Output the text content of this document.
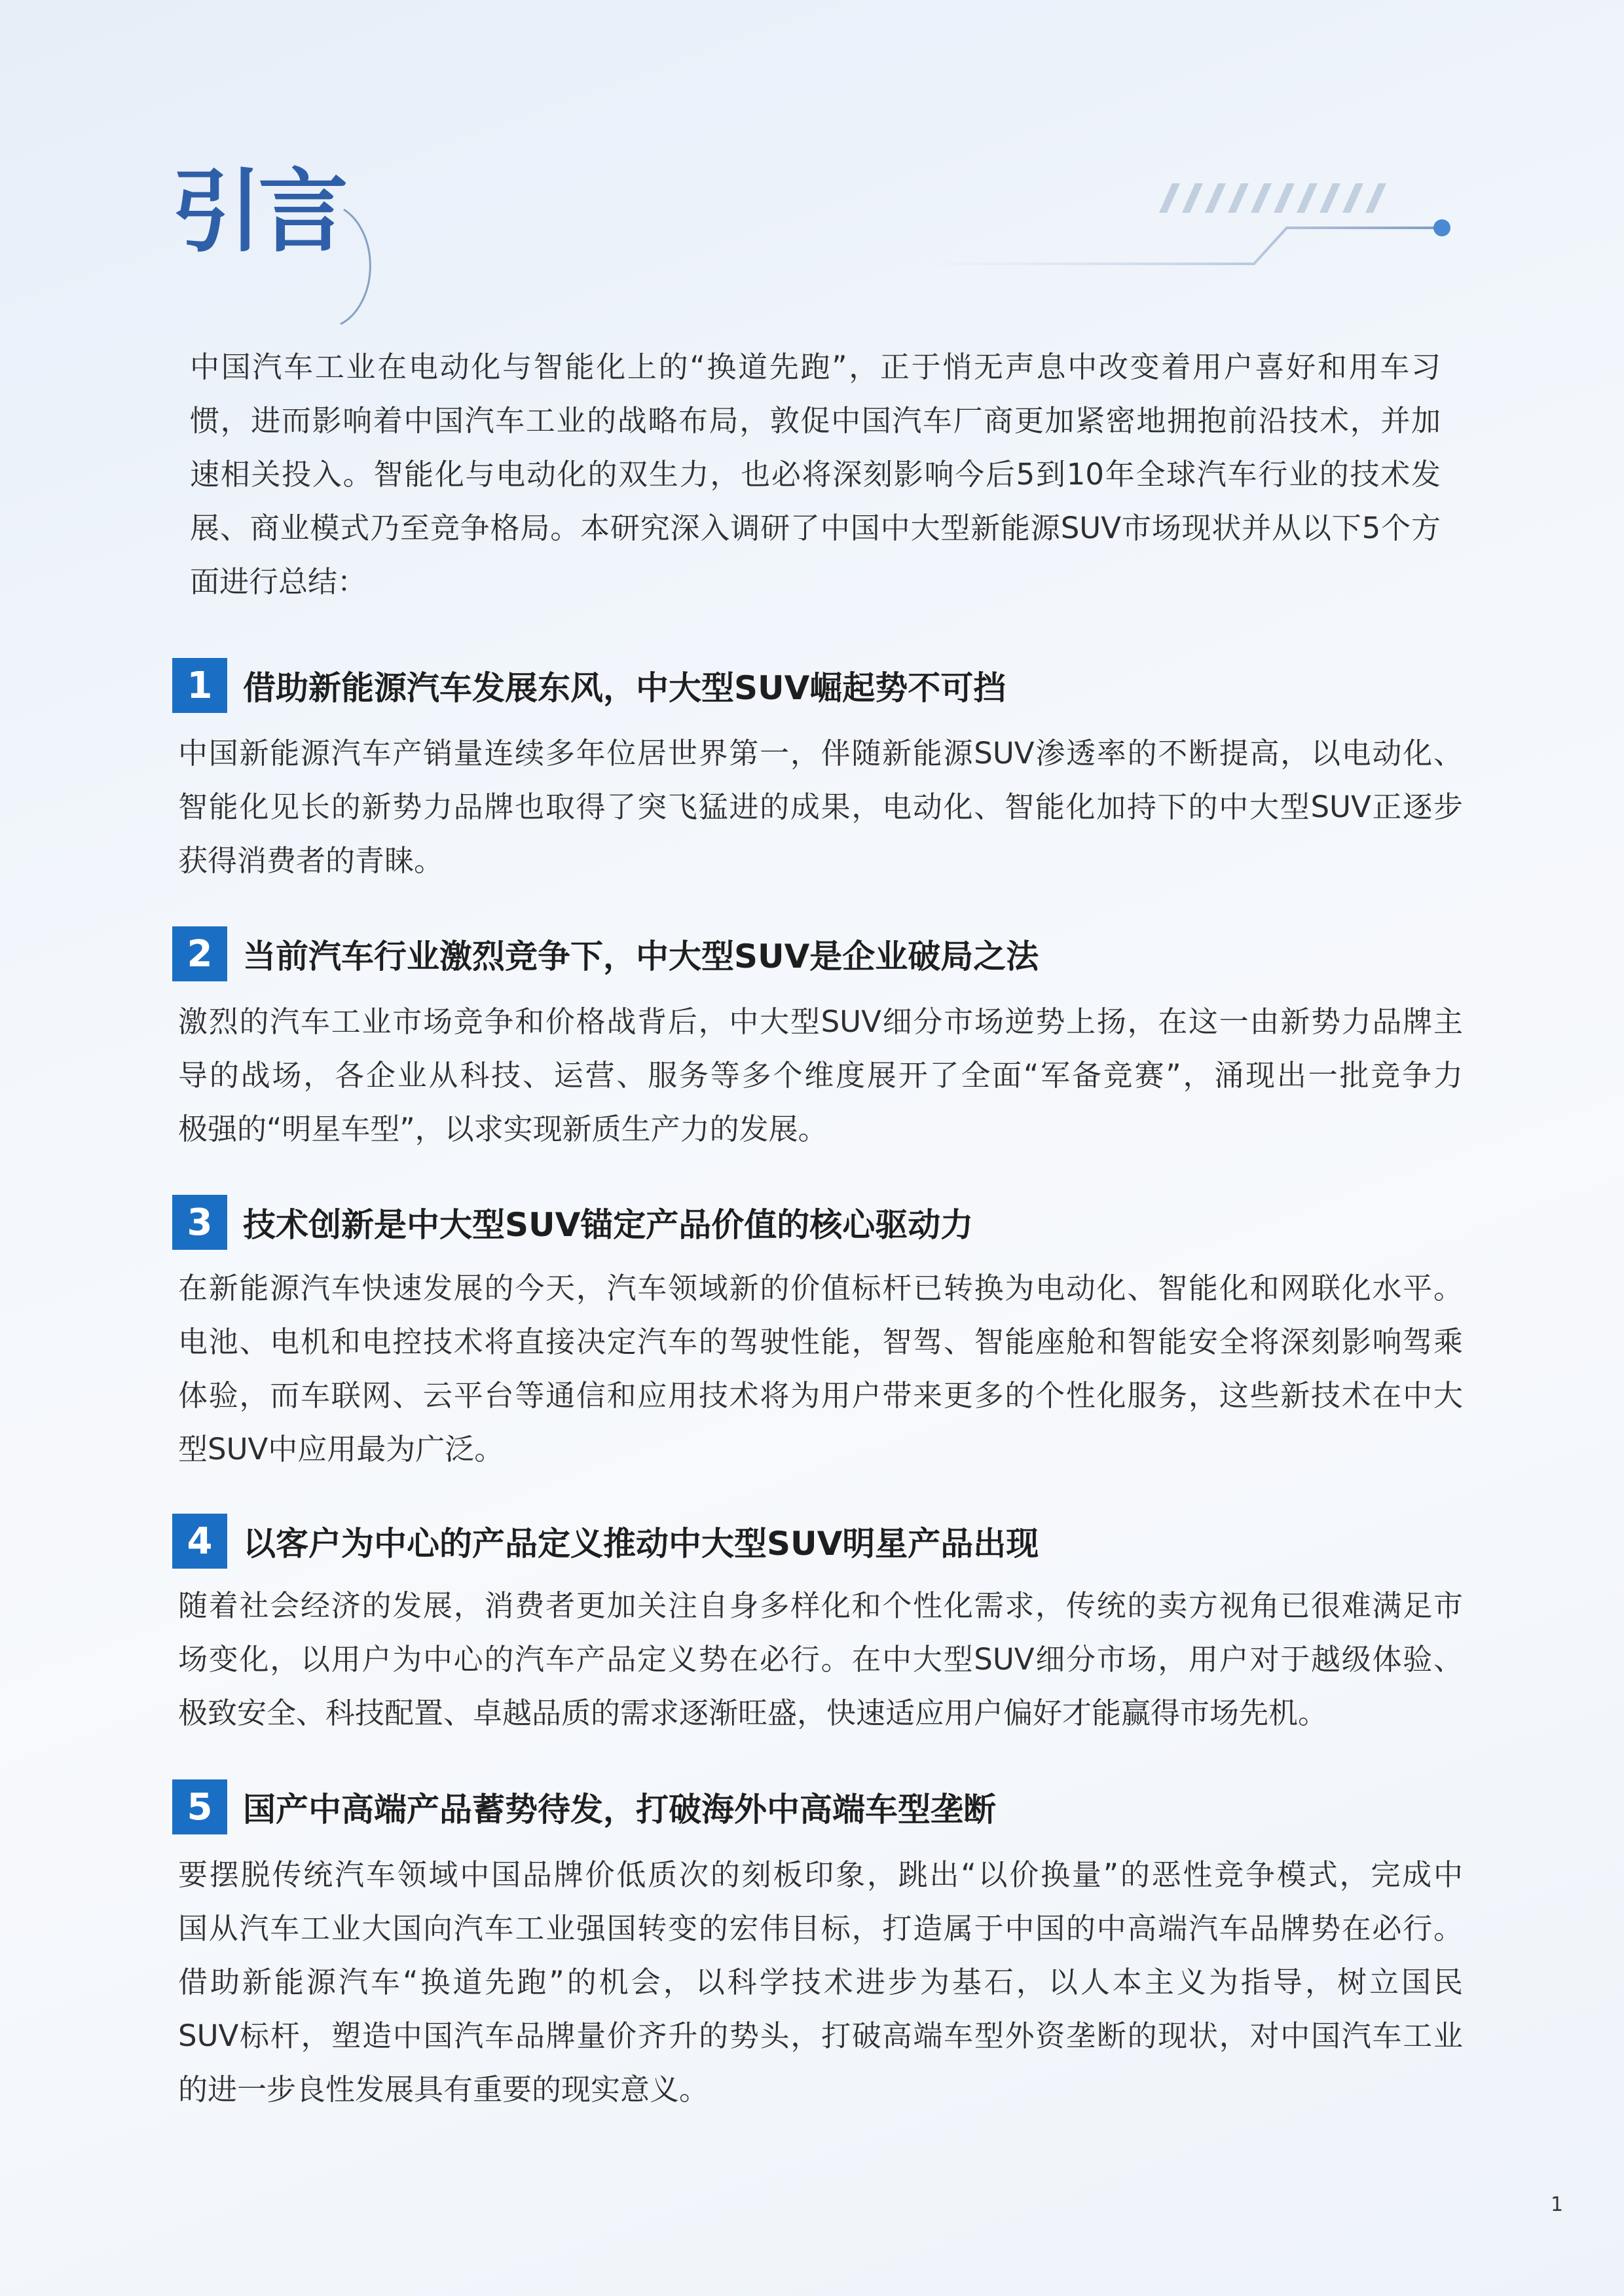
引言
中国汽车工业在电动化与智能化上的“换道先跑”，正于悄无声息中改变着用户喜好和用车习
惯，进而影响着中国汽车工业的战略布局，敦促中国汽车厂商更加紧密地拥抱前沿技术，并加
速相关投入。智能化与电动化的双生力，也必将深刻影响今后5到10年全球汽车行业的技术发
展、商业模式乃至竞争格局。本研究深入调研了中国中大型新能源SUV市场现状并从以下5个方
面进行总结：
1 借助新能源汽车发展东风，中大型SUV崛起势不可挡
中国新能源汽车产销量连续多年位居世界第一，伴随新能源SUV渗透率的不断提高，以电动化、
智能化见长的新势力品牌也取得了突飞猛进的成果，电动化、智能化加持下的中大型SUV正逐步
获得消费者的青睐。
2 当前汽车行业激烈竞争下，中大型SUV是企业破局之法
激烈的汽车工业市场竞争和价格战背后，中大型SUV细分市场逆势上扬，在这一由新势力品牌主
导的战场，各企业从科技、运营、服务等多个维度展开了全面“军备竞赛”，涌现出一批竞争力
极强的“明星车型”，以求实现新质生产力的发展。
3 技术创新是中大型SUV锚定产品价值的核心驱动力
在新能源汽车快速发展的今天，汽车领域新的价值标杆已转换为电动化、智能化和网联化水平。
电池、电机和电控技术将直接决定汽车的驾驶性能，智驾、智能座舱和智能安全将深刻影响驾乘
体验，而车联网、云平台等通信和应用技术将为用户带来更多的个性化服务，这些新技术在中大
型SUV中应用最为广泛。
4 以客户为中心的产品定义推动中大型SUV明星产品出现
随着社会经济的发展，消费者更加关注自身多样化和个性化需求，传统的卖方视角已很难满足市
场变化，以用户为中心的汽车产品定义势在必行。在中大型SUV细分市场，用户对于越级体验、
极致安全、科技配置、卓越品质的需求逐渐旺盛，快速适应用户偏好才能赢得市场先机。
5 国产中高端产品蓄势待发，打破海外中高端车型垄断
要摆脱传统汽车领域中国品牌价低质次的刻板印象，跳出“以价换量”的恶性竞争模式，完成中
国从汽车工业大国向汽车工业强国转变的宏伟目标，打造属于中国的中高端汽车品牌势在必行。
借助新能源汽车“换道先跑”的机会，以科学技术进步为基石，以人本主义为指导，树立国民
SUV标杆，塑造中国汽车品牌量价齐升的势头，打破高端车型外资垄断的现状，对中国汽车工业
的进一步良性发展具有重要的现实意义。
1
